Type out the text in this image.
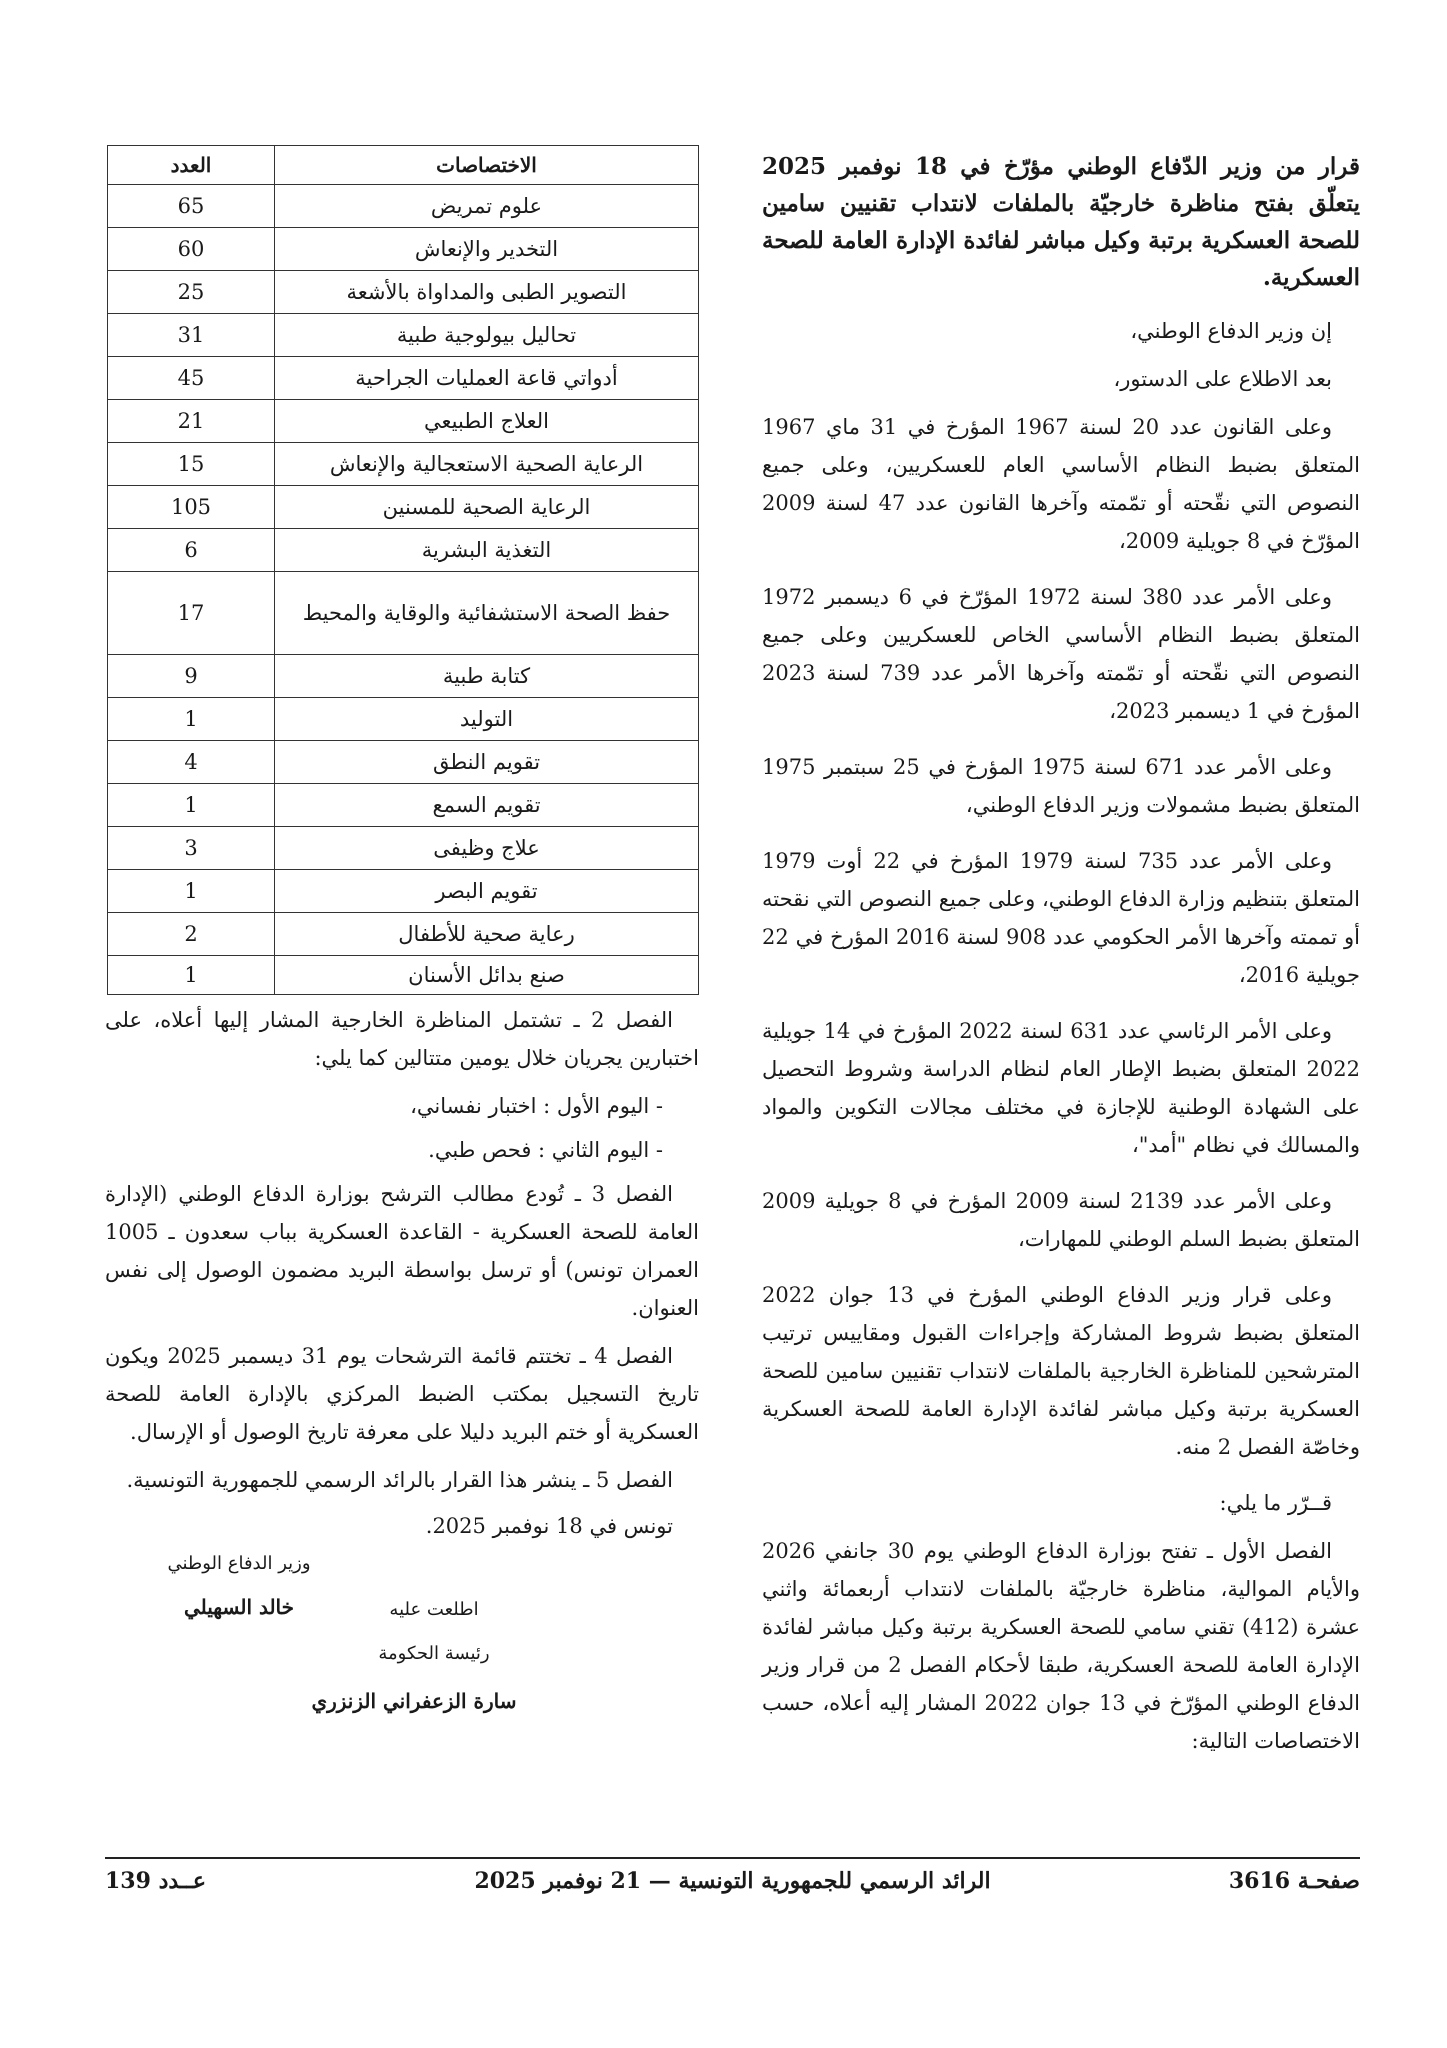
قرار من وزير الدّفاع الوطني مؤرّخ في 18 نوفمبر 2025 يتعلّق بفتح مناظرة خارجيّة بالملفات لانتداب تقنيين سامين للصحة العسكرية برتبة وكيل مباشر لفائدة الإدارة العامة للصحة العسكرية.

إن وزير الدفاع الوطني،

بعد الاطلاع على الدستور،

وعلى القانون عدد 20 لسنة 1967 المؤرخ في 31 ماي 1967 المتعلق بضبط النظام الأساسي العام للعسكريين، وعلى جميع النصوص التي نقّحته أو تمّمته وآخرها القانون عدد 47 لسنة 2009 المؤرّخ في 8 جويلية 2009،

وعلى الأمر عدد 380 لسنة 1972 المؤرّخ في 6 ديسمبر 1972 المتعلق بضبط النظام الأساسي الخاص للعسكريين وعلى جميع النصوص التي نقّحته أو تمّمته وآخرها الأمر عدد 739 لسنة 2023 المؤرخ في 1 ديسمبر 2023،

وعلى الأمر عدد 671 لسنة 1975 المؤرخ في 25 سبتمبر 1975 المتعلق بضبط مشمولات وزير الدفاع الوطني،

وعلى الأمر عدد 735 لسنة 1979 المؤرخ في 22 أوت 1979 المتعلق بتنظيم وزارة الدفاع الوطني، وعلى جميع النصوص التي نقحته أو تممته وآخرها الأمر الحكومي عدد 908 لسنة 2016 المؤرخ في 22 جويلية 2016،

وعلى الأمر الرئاسي عدد 631 لسنة 2022 المؤرخ في 14 جويلية 2022 المتعلق بضبط الإطار العام لنظام الدراسة وشروط التحصيل على الشهادة الوطنية للإجازة في مختلف مجالات التكوين والمواد والمسالك في نظام "أمد"،

وعلى الأمر عدد 2139 لسنة 2009 المؤرخ في 8 جويلية 2009 المتعلق بضبط السلم الوطني للمهارات،

وعلى قرار وزير الدفاع الوطني المؤرخ في 13 جوان 2022 المتعلق بضبط شروط المشاركة وإجراءات القبول ومقاييس ترتيب المترشحين للمناظرة الخارجية بالملفات لانتداب تقنيين سامين للصحة العسكرية برتبة وكيل مباشر لفائدة الإدارة العامة للصحة العسكرية وخاصّة الفصل 2 منه.

قــرّر ما يلي:

الفصل الأول ـ تفتح بوزارة الدفاع الوطني يوم 30 جانفي 2026 والأيام الموالية، مناظرة خارجيّة بالملفات لانتداب أربعمائة واثني عشرة (412) تقني سامي للصحة العسكرية برتبة وكيل مباشر لفائدة الإدارة العامة للصحة العسكرية، طبقا لأحكام الفصل 2 من قرار وزير الدفاع الوطني المؤرّخ في 13 جوان 2022 المشار إليه أعلاه، حسب الاختصاصات التالية:

الاختصاصات	العدد
علوم تمريض	65
التخدير والإنعاش	60
التصوير الطبى والمداواة بالأشعة	25
تحاليل بيولوجية طبية	31
أدواتي قاعة العمليات الجراحية	45
العلاج الطبيعي	21
الرعاية الصحية الاستعجالية والإنعاش	15
الرعاية الصحية للمسنين	105
التغذية البشرية	6
حفظ الصحة الاستشفائية والوقاية والمحيط	17
كتابة طبية	9
التوليد	1
تقويم النطق	4
تقويم السمع	1
علاج وظيفى	3
تقويم البصر	1
رعاية صحية للأطفال	2
صنع بدائل الأسنان	1

الفصل 2 ـ تشتمل المناظرة الخارجية المشار إليها أعلاه، على اختبارين يجريان خلال يومين متتالين كما يلي:

- اليوم الأول : اختبار نفساني،

- اليوم الثاني : فحص طبي.

الفصل 3 ـ تُودع مطالب الترشح بوزارة الدفاع الوطني (الإدارة العامة للصحة العسكرية - القاعدة العسكرية بباب سعدون ـ 1005 العمران تونس) أو ترسل بواسطة البريد مضمون الوصول إلى نفس العنوان.

الفصل 4 ـ تختتم قائمة الترشحات يوم 31 ديسمبر 2025 ويكون تاريخ التسجيل بمكتب الضبط المركزي بالإدارة العامة للصحة العسكرية أو ختم البريد دليلا على معرفة تاريخ الوصول أو الإرسال.

الفصل 5 ـ ينشر هذا القرار بالرائد الرسمي للجمهورية التونسية.

تونس في 18 نوفمبر 2025.

وزير الدفاع الوطني
خالد السهيلي	اطلعت عليه
رئيسة الحكومة
سارة الزعفراني الزنزري
صفحـة 3616
الرائد الرسمي للجمهورية التونسية — 21 نوفمبر 2025
عــدد 139
